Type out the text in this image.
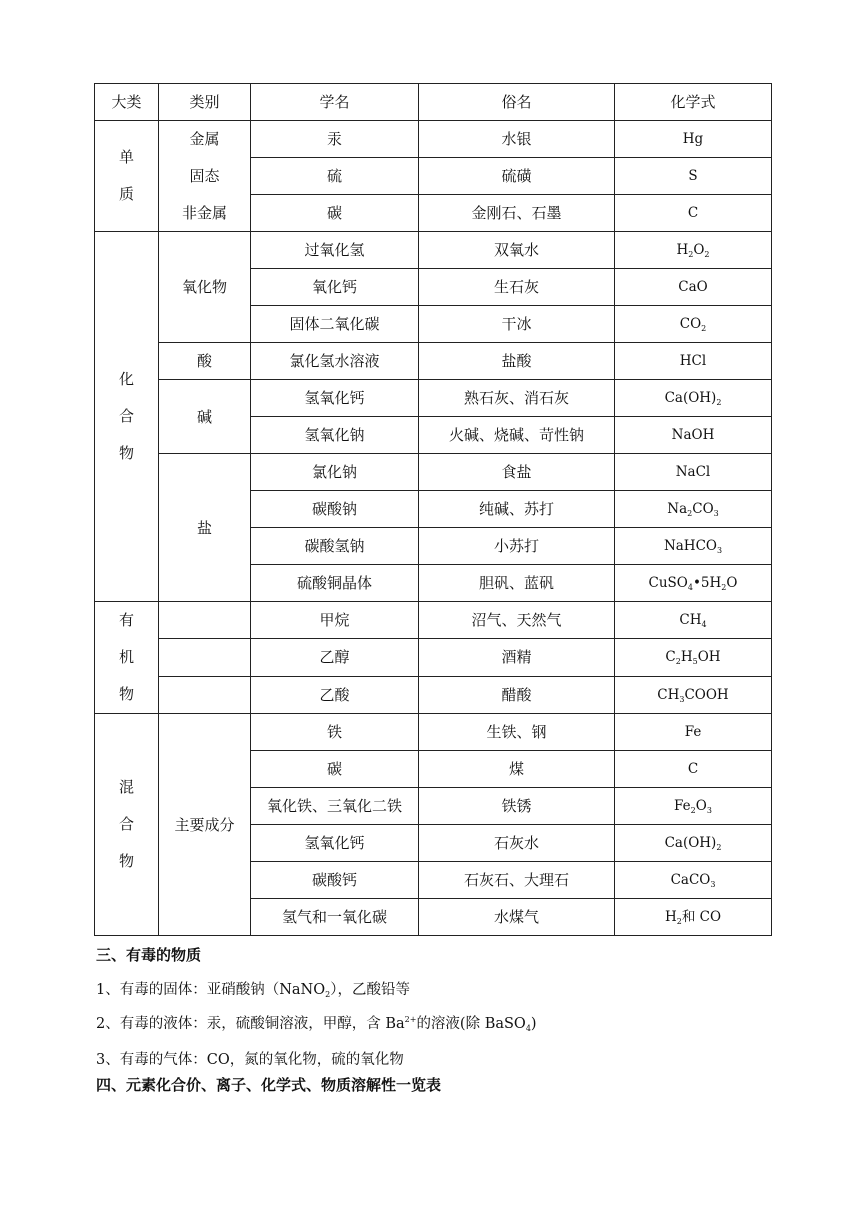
大类	类别	学名	俗名	化学式

单
质	金属	汞	水银	Hg
	固态	硫	硫磺	S
	非金属	碳	金刚石、石墨	C

化
合
物	氧化物	过氧化氢	双氧水	$H_2O_2$
		氧化钙	生石灰	CaO
		固体二氧化碳	干冰	$CO_2$
	酸	氯化氢水溶液	盐酸	HCl
	碱	氢氧化钙	熟石灰、消石灰	$Ca(OH)_2$
		氢氧化钠	火碱、烧碱、苛性钠	NaOH
	盐	氯化钠	食盐	NaCl
		碳酸钠	纯碱、苏打	$Na_2CO_3$
		碳酸氢钠	小苏打	NaHCO$_3$
		硫酸铜晶体	胆矾、蓝矾	$CuSO_4•5H_2O$

有
机
物		甲烷	沼气、天然气	$CH_4$
		乙醇	酒精	$C_2H_5OH$
		乙酸	醋酸	$CH_3COOH$

混
合
物	主要成分	铁	生铁、钢	Fe
		碳	煤	C
		氧化铁、三氧化二铁	铁锈	$Fe_2O_3$
		氢氧化钙	石灰水	$Ca(OH)_2$
		碳酸钙	石灰石、大理石	CaCO$_3$
		氢气和一氧化碳	水煤气	$H_2$和 CO
三、有毒的物质
1、有毒的固体：亚硝酸钠（NaNO$_2$），乙酸铅等
2、有毒的液体：汞，硫酸铜溶液，甲醇，含 $Ba^{2+}$的溶液(除 BaSO$_4$)
3、有毒的气体：CO，氮的氧化物，硫的氧化物
四、元素化合价、离子、化学式、物质溶解性一览表
